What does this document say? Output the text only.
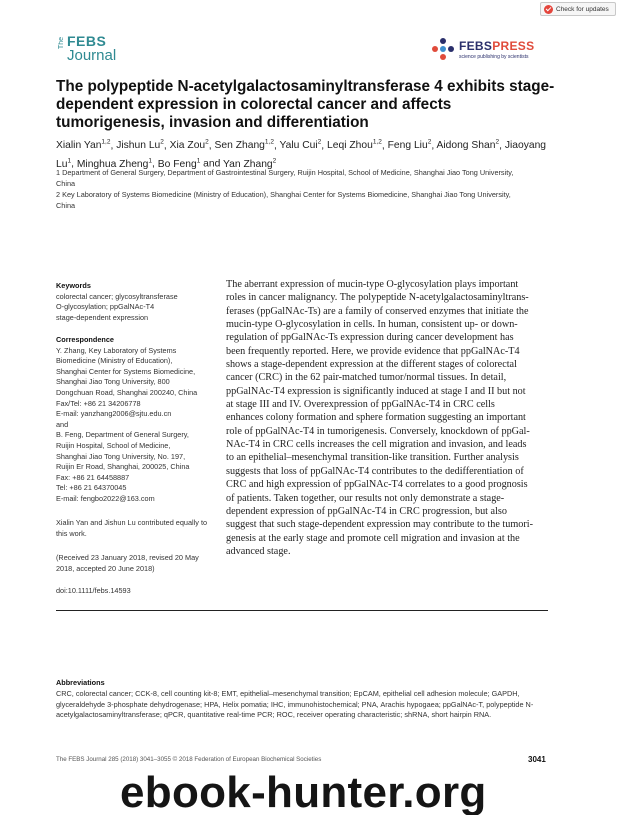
Check for updates
The FEBS
Journal
FEBSPRESS
science publishing by scientists
The polypeptide N-acetylgalactosaminyltransferase 4 exhibits stage-dependent expression in colorectal cancer and affects tumorigenesis, invasion and differentiation
Xialin Yan$^{1,2}$, Jishun Lu$^2$, Xia Zou$^2$, Sen Zhang$^{1,2}$, Yalu Cui$^2$, Leqi Zhou$^{1,2}$, Feng Liu$^2$, Aidong Shan$^2$, Jiaoyang Lu$^1$, Minghua Zheng$^1$, Bo Feng$^1$ and Yan Zhang$^2$
1 Department of General Surgery, Department of Gastrointestinal Surgery, Ruijin Hospital, School of Medicine, Shanghai Jiao Tong University, China
2 Key Laboratory of Systems Biomedicine (Ministry of Education), Shanghai Center for Systems Biomedicine, Shanghai Jiao Tong University, China
Keywords

colorectal cancer; glycosyltransferase
O-glycosylation; ppGalNAc-T4
stage-dependent expression

Correspondence

Y. Zhang, Key Laboratory of Systems
Biomedicine (Ministry of Education),
Shanghai Center for Systems Biomedicine,
Shanghai Jiao Tong University, 800
Dongchuan Road, Shanghai 200240, China
Fax/Tel: +86 21 34206778
E-mail: yanzhang2006@sjtu.edu.cn
and
B. Feng, Department of General Surgery,
Ruijin Hospital, School of Medicine,
Shanghai Jiao Tong University, No. 197,
Ruijin Er Road, Shanghai, 200025, China
Fax: +86 21 64458887
Tel: +86 21 64370045
E-mail: fengbo2022@163.com

Xialin Yan and Jishun Lu contributed equally to this work.
(Received 23 January 2018, revised 20 May 2018, accepted 20 June 2018)
doi:10.1111/febs.14593
The aberrant expression of mucin-type O-glycosylation plays important
roles in cancer malignancy. The polypeptide N-acetylgalactosaminyltrans-
ferases (ppGalNAc-Ts) are a family of conserved enzymes that initiate the
mucin-type O-glycosylation in cells. In human, consistent up- or down-
regulation of ppGalNAc-Ts expression during cancer development has
been frequently reported. Here, we provide evidence that ppGalNAc-T4
shows a stage-dependent expression at the different stages of colorectal
cancer (CRC) in the 62 pair-matched tumor/normal tissues. In detail,
ppGalNAc-T4 expression is significantly induced at stage I and II but not
at stage III and IV. Overexpression of ppGalNAc-T4 in CRC cells
enhances colony formation and sphere formation suggesting an important
role of ppGalNAc-T4 in tumorigenesis. Conversely, knockdown of ppGal-
NAc-T4 in CRC cells increases the cell migration and invasion, and leads
to an epithelial–mesenchymal transition-like transition. Further analysis
suggests that loss of ppGalNAc-T4 contributes to the dedifferentiation of
CRC and high expression of ppGalNAc-T4 correlates to a good prognosis
of patients. Taken together, our results not only demonstrate a stage-
dependent expression of ppGalNAc-T4 in CRC progression, but also
suggest that such stage-dependent expression may contribute to the tumori-
genesis at the early stage and promote cell migration and invasion at the
advanced stage.
Abbreviations

CRC, colorectal cancer; CCK-8, cell counting kit-8; EMT, epithelial–mesenchymal transition; EpCAM, epithelial cell adhesion molecule; GAPDH, glyceraldehyde 3-phosphate dehydrogenase; HPA, Helix pomatia; IHC, immunohistochemical; PNA, Arachis hypogaea; ppGalNAc-T, polypeptide N-acetylgalactosaminyltransferase; qPCR, quantitative real-time PCR; ROC, receiver operating characteristic; shRNA, short hairpin RNA.

The FEBS Journal 285 (2018) 3041–3055 © 2018 Federation of European Biochemical Societies	3041
ebook-hunter.org
